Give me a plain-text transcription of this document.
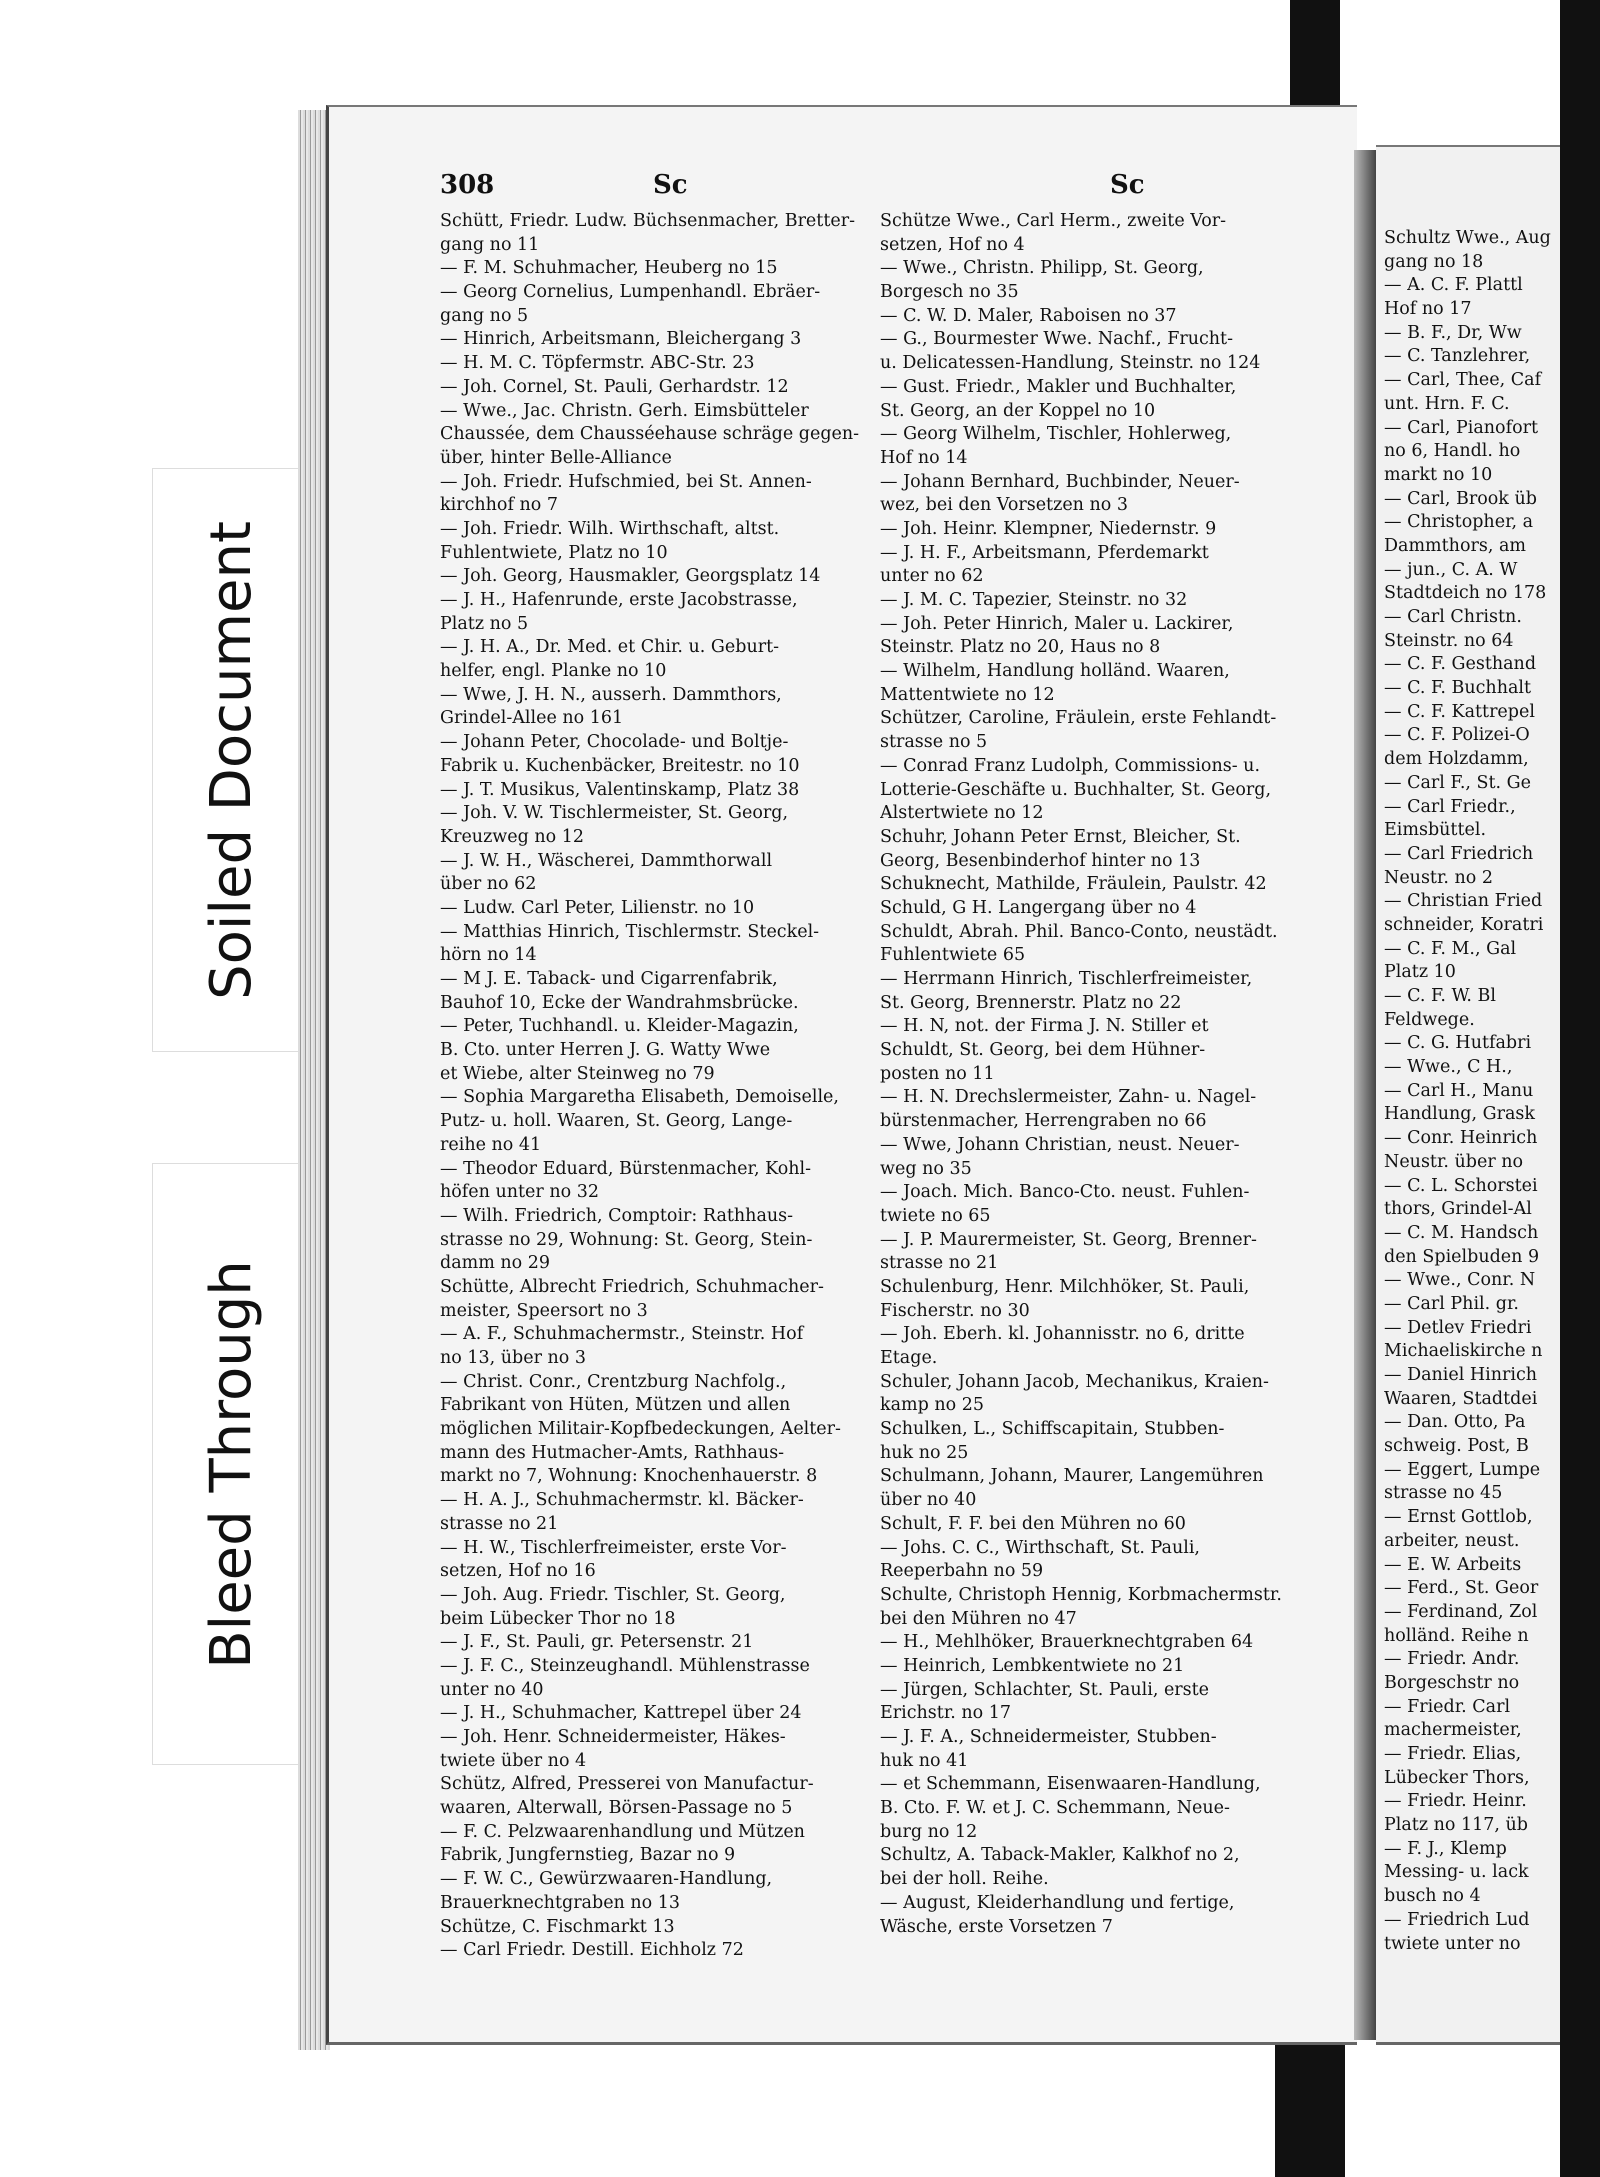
Soiled Document
Bleed Through
Schultz Wwe., Aug
gang no 18
— A. C. F. Plattl
Hof no 17
— B. F., Dr, Ww
— C. Tanzlehrer,
— Carl, Thee, Caf
unt. Hrn. F. C.
— Carl, Pianofort
no 6, Handl. ho
markt no 10
— Carl, Brook üb
— Christopher, a
Dammthors, am
— jun., C. A. W
Stadtdeich no 178
— Carl Christn.
Steinstr. no 64
— C. F. Gesthand
— C. F. Buchhalt
— C. F. Kattrepel
— C. F. Polizei-O
dem Holzdamm,
— Carl F., St. Ge
— Carl Friedr.,
Eimsbüttel.
— Carl Friedrich
Neustr. no 2
— Christian Fried
schneider, Koratri
— C. F. M., Gal
Platz 10
— C. F. W. Bl
Feldwege.
— C. G. Hutfabri
— Wwe., C H.,
— Carl H., Manu
Handlung, Grask
— Conr. Heinrich
Neustr. über no
— C. L. Schorstei
thors, Grindel-Al
— C. M. Handsch
den Spielbuden 9
— Wwe., Conr. N
— Carl Phil. gr.
— Detlev Friedri
Michaeliskirche n
— Daniel Hinrich
Waaren, Stadtdei
— Dan. Otto, Pa
schweig. Post, B
— Eggert, Lumpe
strasse no 45
— Ernst Gottlob,
arbeiter, neust.
— E. W. Arbeits
— Ferd., St. Geor
— Ferdinand, Zol
holländ. Reihe n
— Friedr. Andr.
Borgeschstr no
— Friedr. Carl
machermeister,
— Friedr. Elias,
Lübecker Thors,
— Friedr. Heinr.
Platz no 117, üb
— F. J., Klemp
Messing- u. lack
busch no 4
— Friedrich Lud
twiete unter no
308	Sc	Sc
Schütt, Friedr. Ludw. Büchsenmacher, Bretter-
gang no 11
— F. M. Schuhmacher, Heuberg no 15
— Georg Cornelius, Lumpenhandl. Ebräer-
gang no 5
— Hinrich, Arbeitsmann, Bleichergang 3
— H. M. C. Töpfermstr. ABC-Str. 23
— Joh. Cornel, St. Pauli, Gerhardstr. 12
— Wwe., Jac. Christn. Gerh. Eimsbütteler
Chaussée, dem Chausséehause schräge gegen-
über, hinter Belle-Alliance
— Joh. Friedr. Hufschmied, bei St. Annen-
kirchhof no 7
— Joh. Friedr. Wilh. Wirthschaft, altst.
Fuhlentwiete, Platz no 10
— Joh. Georg, Hausmakler, Georgsplatz 14
— J. H., Hafenrunde, erste Jacobstrasse,
Platz no 5
— J. H. A., Dr. Med. et Chir. u. Geburt-
helfer, engl. Planke no 10
— Wwe, J. H. N., ausserh. Dammthors,
Grindel-Allee no 161
— Johann Peter, Chocolade- und Boltje-
Fabrik u. Kuchenbäcker, Breitestr. no 10
— J. T. Musikus, Valentinskamp, Platz 38
— Joh. V. W. Tischlermeister, St. Georg,
Kreuzweg no 12
— J. W. H., Wäscherei, Dammthorwall
über no 62
— Ludw. Carl Peter, Lilienstr. no 10
— Matthias Hinrich, Tischlermstr. Steckel-
hörn no 14
— M J. E. Taback- und Cigarrenfabrik,
Bauhof 10, Ecke der Wandrahmsbrücke.
— Peter, Tuchhandl. u. Kleider-Magazin,
B. Cto. unter Herren J. G. Watty Wwe
et Wiebe, alter Steinweg no 79
— Sophia Margaretha Elisabeth, Demoiselle,
Putz- u. holl. Waaren, St. Georg, Lange-
reihe no 41
— Theodor Eduard, Bürstenmacher, Kohl-
höfen unter no 32
— Wilh. Friedrich, Comptoir: Rathhaus-
strasse no 29, Wohnung: St. Georg, Stein-
damm no 29
Schütte, Albrecht Friedrich, Schuhmacher-
meister, Speersort no 3
— A. F., Schuhmachermstr., Steinstr. Hof
no 13, über no 3
— Christ. Conr., Crentzburg Nachfolg.,
Fabrikant von Hüten, Mützen und allen
möglichen Militair-Kopfbedeckungen, Aelter-
mann des Hutmacher-Amts, Rathhaus-
markt no 7, Wohnung: Knochenhauerstr. 8
— H. A. J., Schuhmachermstr. kl. Bäcker-
strasse no 21
— H. W., Tischlerfreimeister, erste Vor-
setzen, Hof no 16
— Joh. Aug. Friedr. Tischler, St. Georg,
beim Lübecker Thor no 18
— J. F., St. Pauli, gr. Petersenstr. 21
— J. F. C., Steinzeughandl. Mühlenstrasse
unter no 40
— J. H., Schuhmacher, Kattrepel über 24
— Joh. Henr. Schneidermeister, Häkes-
twiete über no 4
Schütz, Alfred, Presserei von Manufactur-
waaren, Alterwall, Börsen-Passage no 5
— F. C. Pelzwaarenhandlung und Mützen
Fabrik, Jungfernstieg, Bazar no 9
— F. W. C., Gewürzwaaren-Handlung,
Brauerknechtgraben no 13
Schütze, C. Fischmarkt 13
— Carl Friedr. Destill. Eichholz 72
Schütze Wwe., Carl Herm., zweite Vor-
setzen, Hof no 4
— Wwe., Christn. Philipp, St. Georg,
Borgesch no 35
— C. W. D. Maler, Raboisen no 37
— G., Bourmester Wwe. Nachf., Frucht-
u. Delicatessen-Handlung, Steinstr. no 124
— Gust. Friedr., Makler und Buchhalter,
St. Georg, an der Koppel no 10
— Georg Wilhelm, Tischler, Hohlerweg,
Hof no 14
— Johann Bernhard, Buchbinder, Neuer-
wez, bei den Vorsetzen no 3
— Joh. Heinr. Klempner, Niedernstr. 9
— J. H. F., Arbeitsmann, Pferdemarkt
unter no 62
— J. M. C. Tapezier, Steinstr. no 32
— Joh. Peter Hinrich, Maler u. Lackirer,
Steinstr. Platz no 20, Haus no 8
— Wilhelm, Handlung holländ. Waaren,
Mattentwiete no 12
Schützer, Caroline, Fräulein, erste Fehlandt-
strasse no 5
— Conrad Franz Ludolph, Commissions- u.
Lotterie-Geschäfte u. Buchhalter, St. Georg,
Alstertwiete no 12
Schuhr, Johann Peter Ernst, Bleicher, St.
Georg, Besenbinderhof hinter no 13
Schuknecht, Mathilde, Fräulein, Paulstr. 42
Schuld, G H. Langergang über no 4
Schuldt, Abrah. Phil. Banco-Conto, neustädt.
Fuhlentwiete 65
— Herrmann Hinrich, Tischlerfreimeister,
St. Georg, Brennerstr. Platz no 22
— H. N, not. der Firma J. N. Stiller et
Schuldt, St. Georg, bei dem Hühner-
posten no 11
— H. N. Drechslermeister, Zahn- u. Nagel-
bürstenmacher, Herrengraben no 66
— Wwe, Johann Christian, neust. Neuer-
weg no 35
— Joach. Mich. Banco-Cto. neust. Fuhlen-
twiete no 65
— J. P. Maurermeister, St. Georg, Brenner-
strasse no 21
Schulenburg, Henr. Milchhöker, St. Pauli,
Fischerstr. no 30
— Joh. Eberh. kl. Johannisstr. no 6, dritte
Etage.
Schuler, Johann Jacob, Mechanikus, Kraien-
kamp no 25
Schulken, L., Schiffscapitain, Stubben-
huk no 25
Schulmann, Johann, Maurer, Langemühren
über no 40
Schult, F. F. bei den Mühren no 60
— Johs. C. C., Wirthschaft, St. Pauli,
Reeperbahn no 59
Schulte, Christoph Hennig, Korbmachermstr.
bei den Mühren no 47
— H., Mehlhöker, Brauerknechtgraben 64
— Heinrich, Lembkentwiete no 21
— Jürgen, Schlachter, St. Pauli, erste
Erichstr. no 17
— J. F. A., Schneidermeister, Stubben-
huk no 41
— et Schemmann, Eisenwaaren-Handlung,
B. Cto. F. W. et J. C. Schemmann, Neue-
burg no 12
Schultz, A. Taback-Makler, Kalkhof no 2,
bei der holl. Reihe.
— August, Kleiderhandlung und fertige,
Wäsche, erste Vorsetzen 7
